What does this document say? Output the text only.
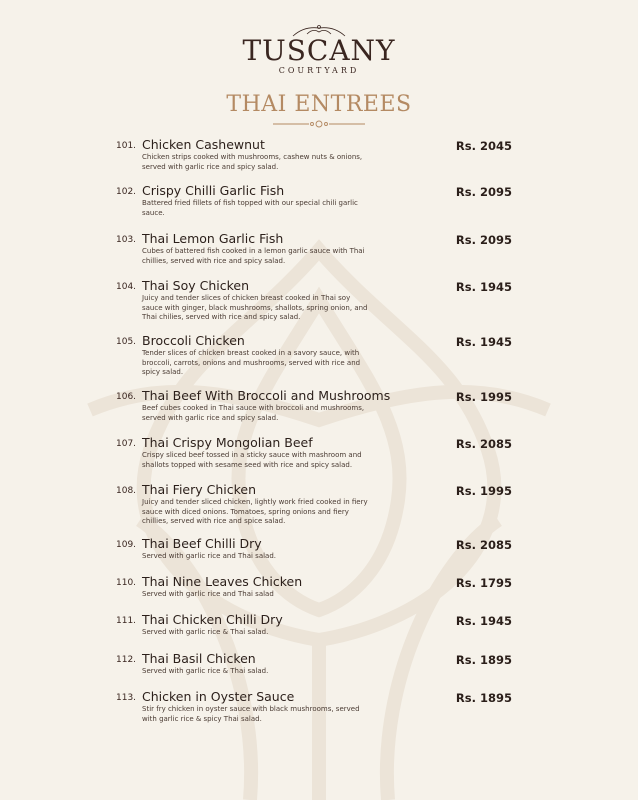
TUSCANY
COURTYARD
THAI ENTREES
101. Chicken Cashewnut
Chicken strips cooked with mushrooms, cashew nuts & onions, served with garlic rice and spicy salad.
Rs. 2045
102. Crispy Chilli Garlic Fish
Battered fried fillets of fish topped with our special chili garlic sauce.
Rs. 2095
103. Thai Lemon Garlic Fish
Cubes of battered fish cooked in a lemon garlic sauce with Thai chillies, served with rice and spicy salad.
Rs. 2095
104. Thai Soy Chicken
Juicy and tender slices of chicken breast cooked in Thai soy sauce with ginger, black mushrooms, shallots, spring onion, and Thai chilies, served with rice and spicy salad.
Rs. 1945
105. Broccoli Chicken
Tender slices of chicken breast cooked in a savory sauce, with broccoli, carrots, onions and mushrooms, served with rice and spicy salad.
Rs. 1945
106. Thai Beef With Broccoli and Mushrooms
Beef cubes cooked in Thai sauce with broccoli and mushrooms, served with garlic rice and spicy salad.
Rs. 1995
107. Thai Crispy Mongolian Beef
Crispy sliced beef tossed in a sticky sauce with mashroom and shallots topped with sesame seed with rice and spicy salad.
Rs. 2085
108. Thai Fiery Chicken
Juicy and tender sliced chicken, lightly work fried cooked in fiery sauce with diced onions. Tomatoes, spring onions and fiery chillies, served with rice and spice salad.
Rs. 1995
109. Thai Beef Chilli Dry
Served with garlic rice and Thai salad.
Rs. 2085
110. Thai Nine Leaves Chicken
Served with garlic rice and Thai salad
Rs. 1795
111. Thai Chicken Chilli Dry
Served with garlic rice & Thai salad.
Rs. 1945
112. Thai Basil Chicken
Served with garlic rice & Thai salad.
Rs. 1895
113. Chicken in Oyster Sauce
Stir fry chicken in oyster sauce with black mushrooms, served with garlic rice & spicy Thai salad.
Rs. 1895
